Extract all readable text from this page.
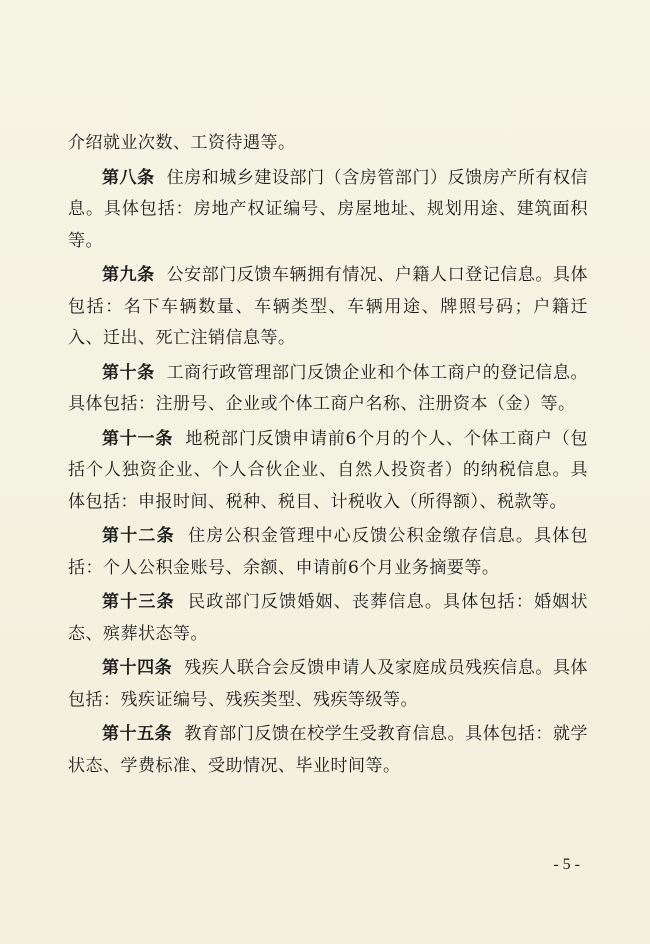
介绍就业次数、工资待遇等。

第八条 住房和城乡建设部门（含房管部门）反馈房产所有权信息。具体包括：房地产权证编号、房屋地址、规划用途、建筑面积等。

第九条 公安部门反馈车辆拥有情况、户籍人口登记信息。具体包括：名下车辆数量、车辆类型、车辆用途、牌照号码；户籍迁入、迁出、死亡注销信息等。

第十条 工商行政管理部门反馈企业和个体工商户的登记信息。具体包括：注册号、企业或个体工商户名称、注册资本（金）等。

第十一条 地税部门反馈申请前6个月的个人、个体工商户（包括个人独资企业、个人合伙企业、自然人投资者）的纳税信息。具体包括：申报时间、税种、税目、计税收入（所得额）、税款等。

第十二条 住房公积金管理中心反馈公积金缴存信息。具体包括：个人公积金账号、余额、申请前6个月业务摘要等。

第十三条 民政部门反馈婚姻、丧葬信息。具体包括：婚姻状态、殡葬状态等。

第十四条 残疾人联合会反馈申请人及家庭成员残疾信息。具体包括：残疾证编号、残疾类型、残疾等级等。

第十五条 教育部门反馈在校学生受教育信息。具体包括：就学状态、学费标准、受助情况、毕业时间等。

- 5 -
